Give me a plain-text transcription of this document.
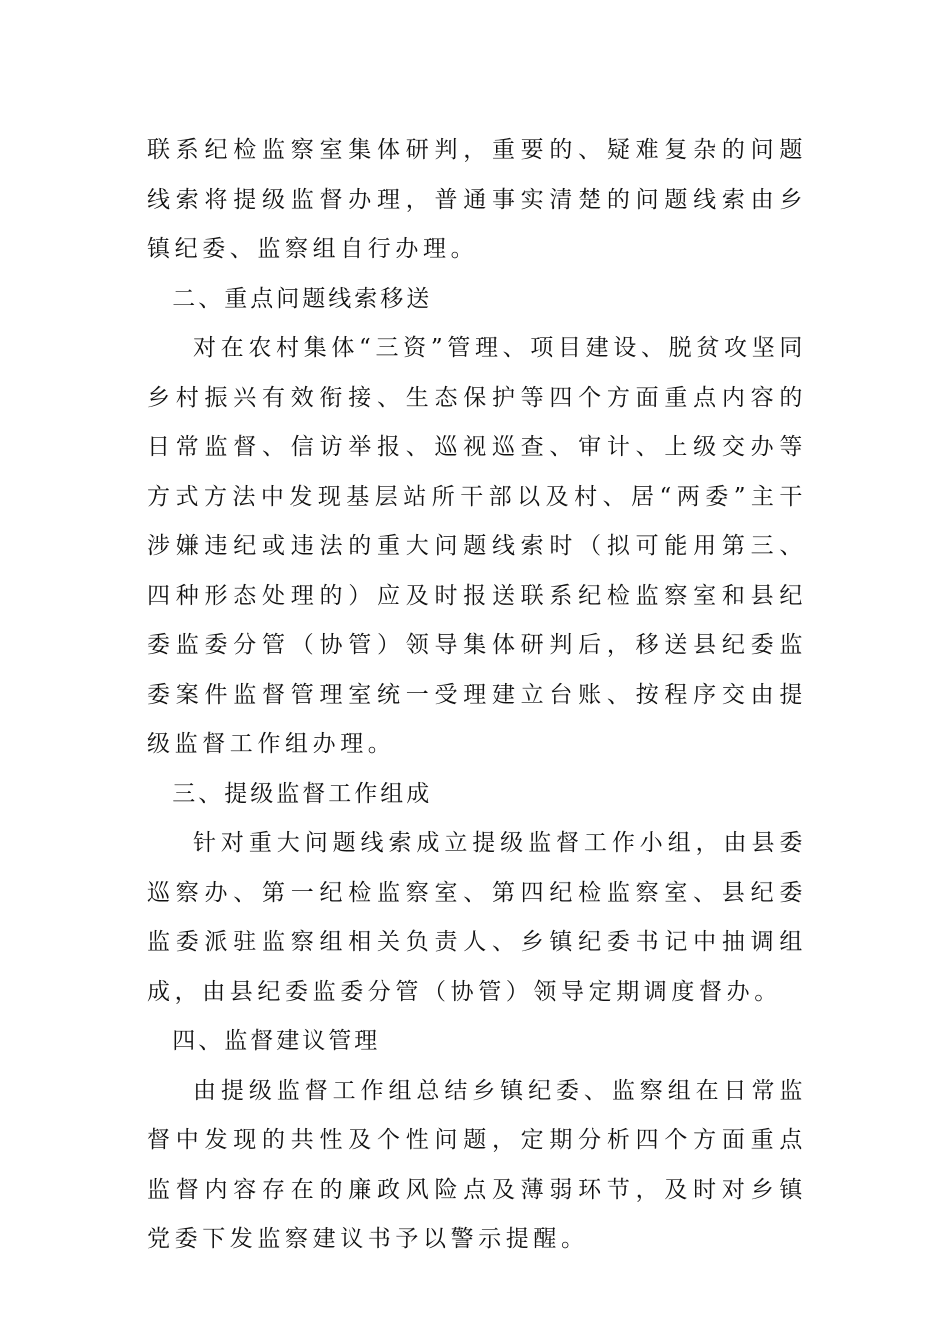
联系纪检监察室集体研判，重要的、疑难复杂的问题线索将提级监督办理，普通事实清楚的问题线索由乡镇纪委、监察组自行办理。

二、重点问题线索移送

对在农村集体“三资”管理、项目建设、脱贫攻坚同乡村振兴有效衔接、生态保护等四个方面重点内容的日常监督、信访举报、巡视巡查、审计、上级交办等方式方法中发现基层站所干部以及村、居“两委”主干涉嫌违纪或违法的重大问题线索时（拟可能用第三、四种形态处理的）应及时报送联系纪检监察室和县纪委监委分管（协管）领导集体研判后，移送县纪委监委案件监督管理室统一受理建立台账、按程序交由提级监督工作组办理。

三、提级监督工作组成

针对重大问题线索成立提级监督工作小组，由县委巡察办、第一纪检监察室、第四纪检监察室、县纪委监委派驻监察组相关负责人、乡镇纪委书记中抽调组成，由县纪委监委分管（协管）领导定期调度督办。

四、监督建议管理

由提级监督工作组总结乡镇纪委、监察组在日常监督中发现的共性及个性问题，定期分析四个方面重点监督内容存在的廉政风险点及薄弱环节，及时对乡镇党委下发监察建议书予以警示提醒。
